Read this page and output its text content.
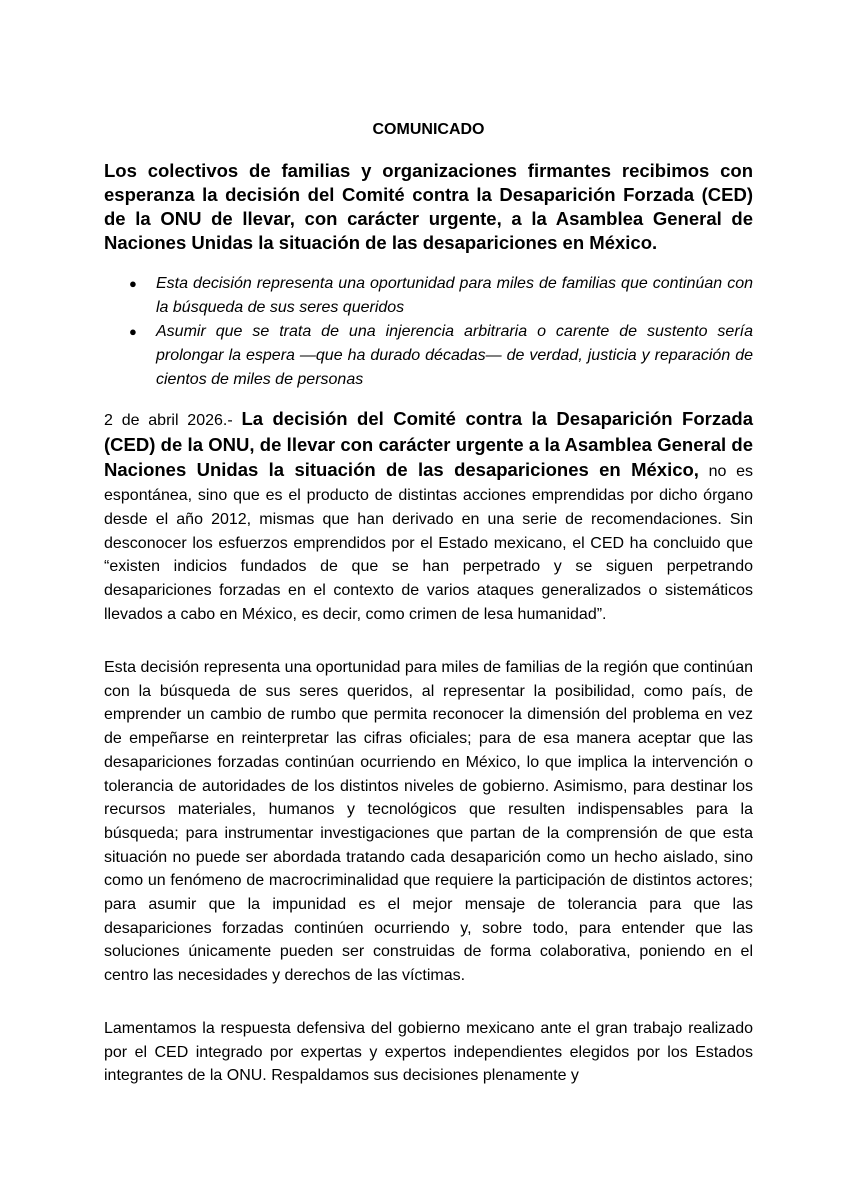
COMUNICADO
Los colectivos de familias y organizaciones firmantes recibimos con esperanza la decisión del Comité contra la Desaparición Forzada (CED) de la ONU de llevar, con carácter urgente, a la Asamblea General de Naciones Unidas la situación de las desapariciones en México.
● Esta decisión representa una oportunidad para miles de familias que continúan con la búsqueda de sus seres queridos
● Asumir que se trata de una injerencia arbitraria o carente de sustento sería prolongar la espera —que ha durado décadas— de verdad, justicia y reparación de cientos de miles de personas
2 de abril 2026.- La decisión del Comité contra la Desaparición Forzada (CED) de la ONU, de llevar con carácter urgente a la Asamblea General de Naciones Unidas la situación de las desapariciones en México, no es espontánea, sino que es el producto de distintas acciones emprendidas por dicho órgano desde el año 2012, mismas que han derivado en una serie de recomendaciones. Sin desconocer los esfuerzos emprendidos por el Estado mexicano, el CED ha concluido que “existen indicios fundados de que se han perpetrado y se siguen perpetrando desapariciones forzadas en el contexto de varios ataques generalizados o sistemáticos llevados a cabo en México, es decir, como crimen de lesa humanidad”.
Esta decisión representa una oportunidad para miles de familias de la región que continúan con la búsqueda de sus seres queridos, al representar la posibilidad, como país, de emprender un cambio de rumbo que permita reconocer la dimensión del problema en vez de empeñarse en reinterpretar las cifras oficiales; para de esa manera aceptar que las desapariciones forzadas continúan ocurriendo en México, lo que implica la intervención o tolerancia de autoridades de los distintos niveles de gobierno. Asimismo, para destinar los recursos materiales, humanos y tecnológicos que resulten indispensables para la búsqueda; para instrumentar investigaciones que partan de la comprensión de que esta situación no puede ser abordada tratando cada desaparición como un hecho aislado, sino como un fenómeno de macrocriminalidad que requiere la participación de distintos actores; para asumir que la impunidad es el mejor mensaje de tolerancia para que las desapariciones forzadas continúen ocurriendo y, sobre todo, para entender que las soluciones únicamente pueden ser construidas de forma colaborativa, poniendo en el centro las necesidades y derechos de las víctimas.
Lamentamos la respuesta defensiva del gobierno mexicano ante el gran trabajo realizado por el CED integrado por expertas y expertos independientes elegidos por los Estados integrantes de la ONU. Respaldamos sus decisiones plenamente y
